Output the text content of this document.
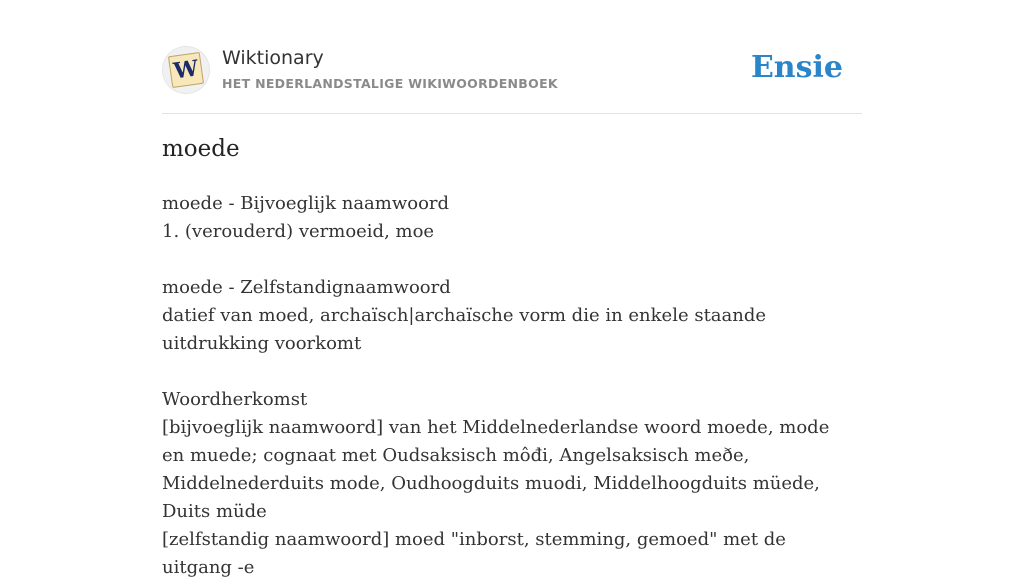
W Wiktionary
HET NEDERLANDSTALIGE WIKIWOORDENBOEK	Ensie
moede
moede - Bijvoeglijk naamwoord
1. (verouderd) vermoeid, moe
moede - Zelfstandignaamwoord
datief van moed, archaïsch|archaïsche vorm die in enkele staande uitdrukking voorkomt
Woordherkomst
[bijvoeglijk naamwoord] van het Middelnederlandse woord moede, mode en muede; cognaat met Oudsaksisch môđi, Angelsaksisch meðe, Middelnederduits mode, Oudhoogduits muodi, Middelhoogduits müede, Duits müde
[zelfstandig naamwoord] moed "inborst, stemming, gemoed" met de uitgang -e
